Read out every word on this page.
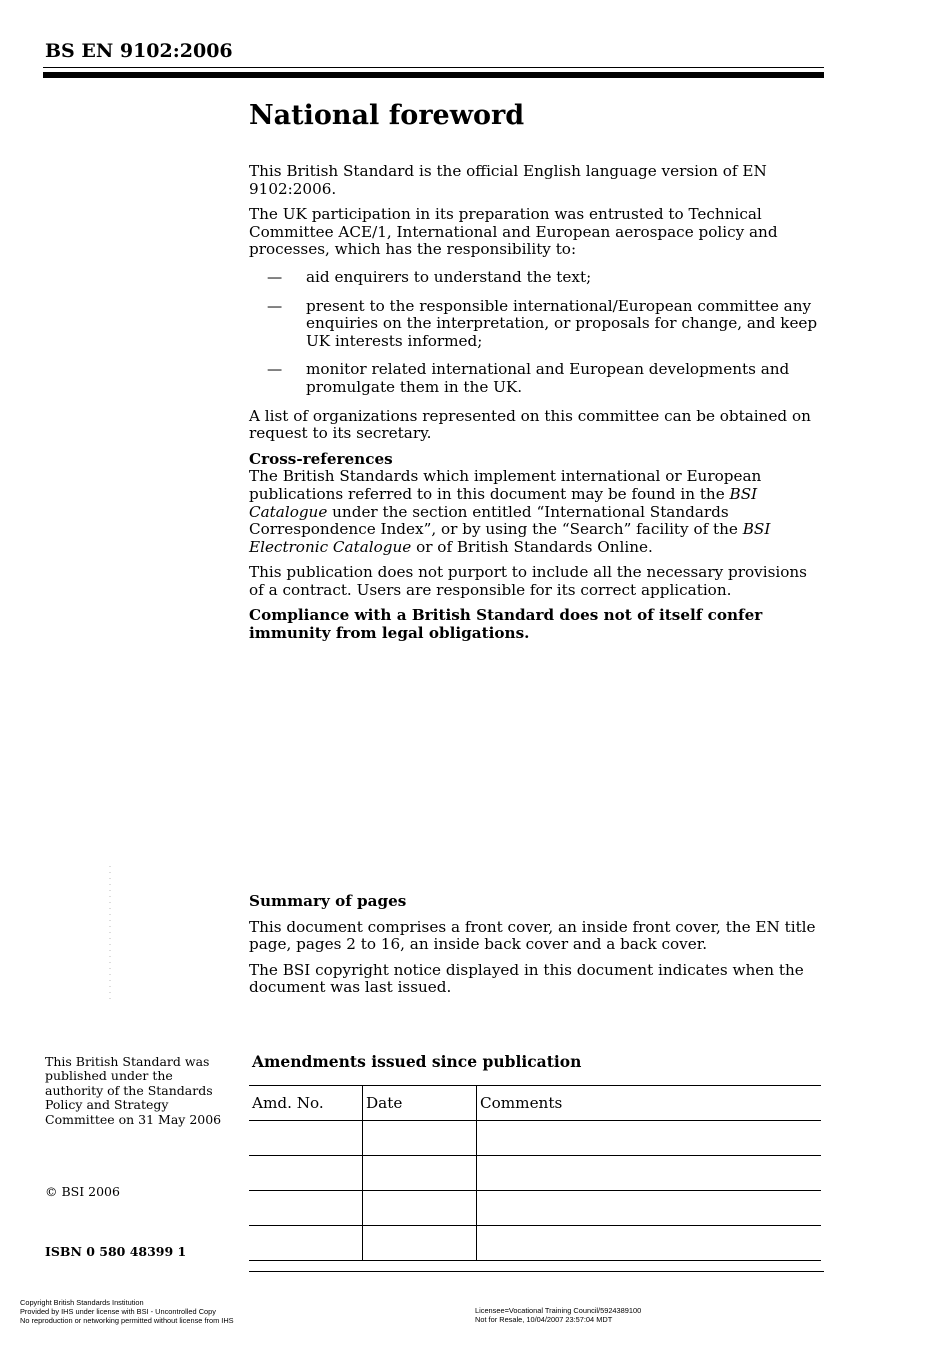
BS EN 9102:2006
National foreword

This British Standard is the official English language version of EN 9102:2006.

The UK participation in its preparation was entrusted to Technical Committee ACE/1, International and European aerospace policy and processes, which has the responsibility to:

— aid enquirers to understand the text;
— present to the responsible international/European committee any enquiries on the interpretation, or proposals for change, and keep UK interests informed;
— monitor related international and European developments and promulgate them in the UK.

A list of organizations represented on this committee can be obtained on request to its secretary.

Cross-references

The British Standards which implement international or European publications referred to in this document may be found in the BSI Catalogue under the section entitled “International Standards Correspondence Index”, or by using the “Search” facility of the BSI Electronic Catalogue or of British Standards Online.

This publication does not purport to include all the necessary provisions of a contract. Users are responsible for its correct application.

Compliance with a British Standard does not of itself confer immunity from legal obligations.

Summary of pages

This document comprises a front cover, an inside front cover, the EN title page, pages 2 to 16, an inside back cover and a back cover.

The BSI copyright notice displayed in this document indicates when the document was last issued.

This British Standard was published under the authority of the Standards Policy and Strategy Committee on 31 May 2006
© BSI 2006
ISBN 0 580 48399 1
Amendments issued since publication
Amd. No.	Date	Comments

Copyright British Standards Institution
Provided by IHS under license with BSI - Uncontrolled Copy
No reproduction or networking permitted without license from IHS
Licensee=Vocational Training Council/5924389100
Not for Resale, 10/04/2007 23:57:04 MDT
